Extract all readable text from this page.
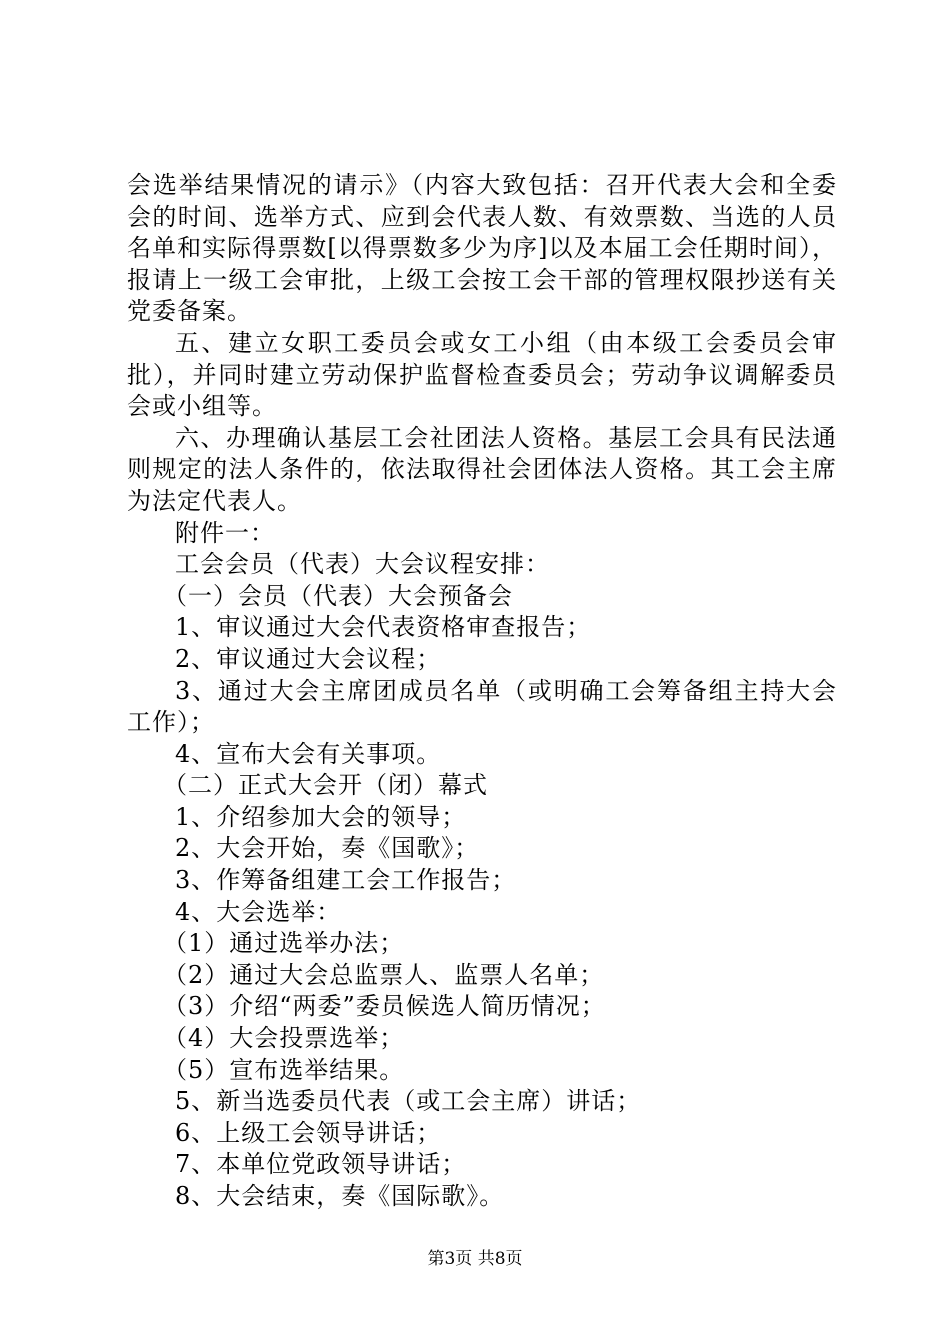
会选举结果情况的请示》（内容大致包括：召开代表大会和全委会的时间、选举方式、应到会代表人数、有效票数、当选的人员名单和实际得票数[以得票数多少为序]以及本届工会任期时间），报请上一级工会审批，上级工会按工会干部的管理权限抄送有关党委备案。

五、建立女职工委员会或女工小组（由本级工会委员会审批），并同时建立劳动保护监督检查委员会；劳动争议调解委员会或小组等。

六、办理确认基层工会社团法人资格。基层工会具有民法通则规定的法人条件的，依法取得社会团体法人资格。其工会主席为法定代表人。

附件一：

工会会员（代表）大会议程安排：

（一）会员（代表）大会预备会

1、审议通过大会代表资格审查报告；

2、审议通过大会议程；

3、通过大会主席团成员名单（或明确工会筹备组主持大会工作）；

4、宣布大会有关事项。

（二）正式大会开（闭）幕式

1、介绍参加大会的领导；

2、大会开始，奏《国歌》；

3、作筹备组建工会工作报告；

4、大会选举：

（1）通过选举办法；

（2）通过大会总监票人、监票人名单；

（3）介绍“两委”委员候选人简历情况；

（4）大会投票选举；

（5）宣布选举结果。

5、新当选委员代表（或工会主席）讲话；

6、上级工会领导讲话；

7、本单位党政领导讲话；

8、大会结束，奏《国际歌》。

第3页 共8页
